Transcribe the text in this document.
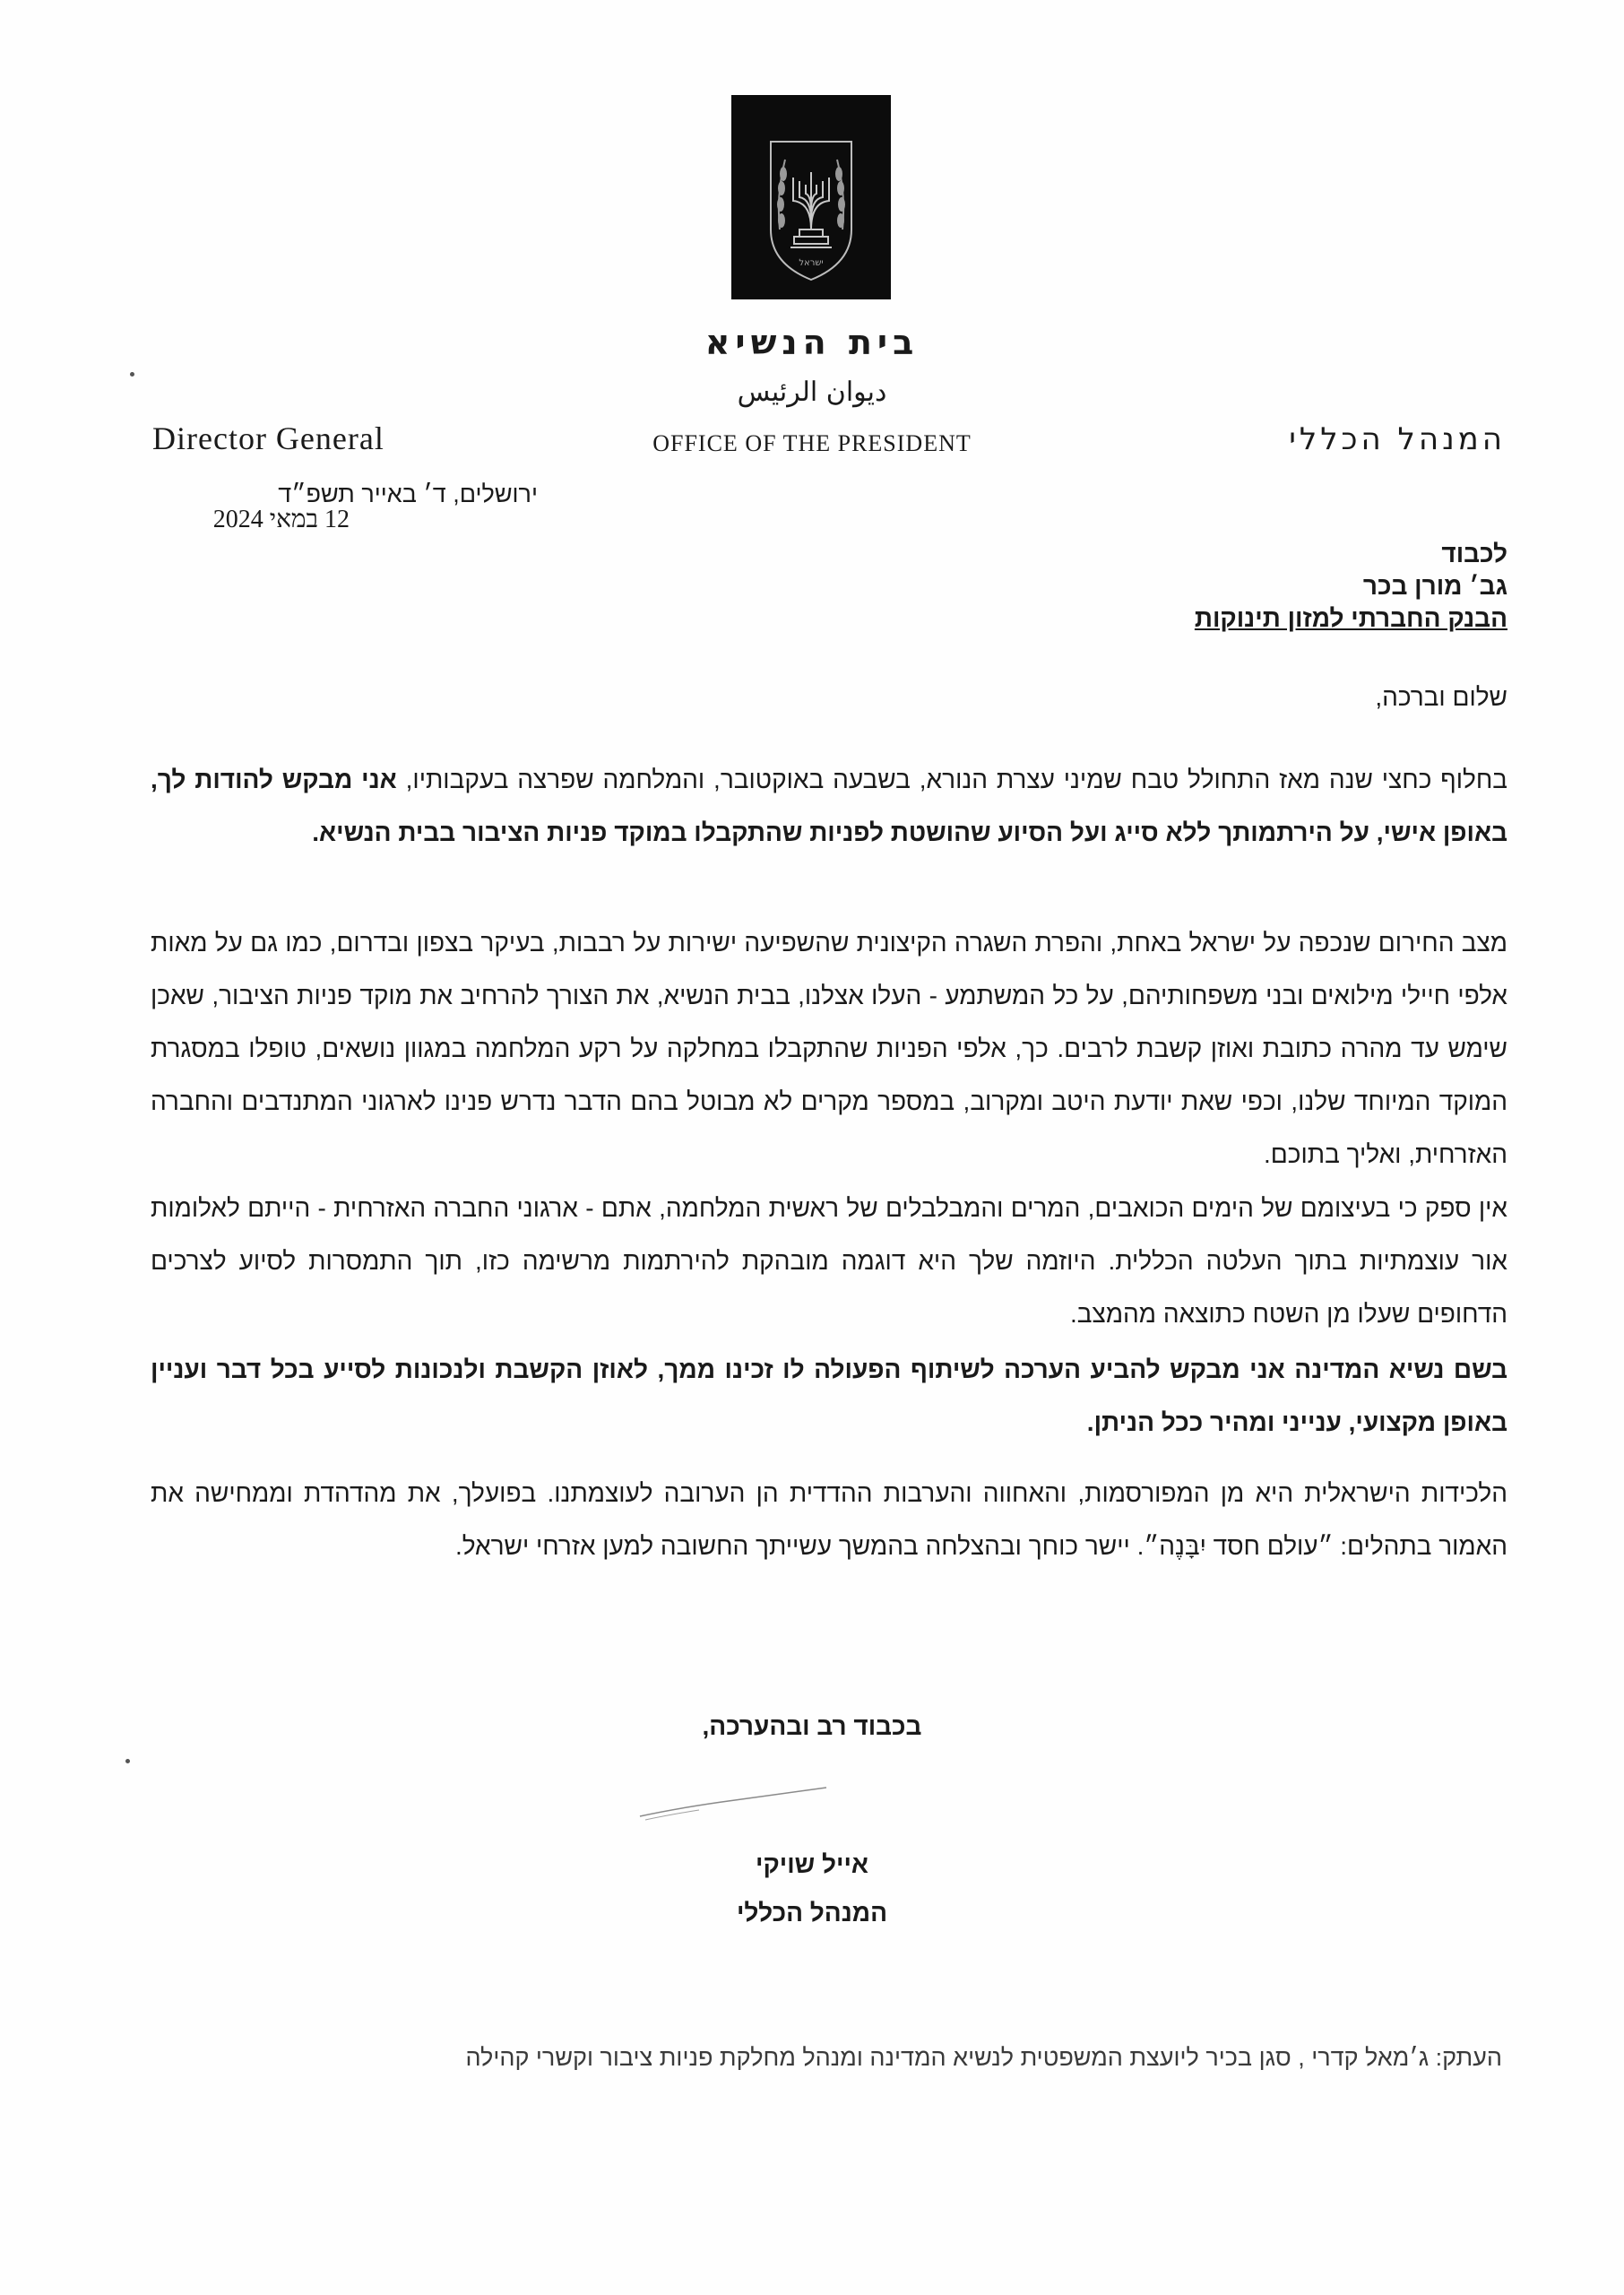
ישראל
בית הנשיא
ديوان الرئيس
OFFICE OF THE PRESIDENT
Director General	המנהל הכללי
ירושלים, ד׳ באייר תשפ״ד
12 במאי 2024
לכבוד
גב׳ מורן בכר
הבנק החברתי למזון תינוקות
שלום וברכה,
בחלוף כחצי שנה מאז התחולל טבח שמיני עצרת הנורא, בשבעה באוקטובר, והמלחמה שפרצה בעקבותיו, אני מבקש להודות לך, באופן אישי, על הירתמותך ללא סייג ועל הסיוע שהושטת לפניות שהתקבלו במוקד פניות הציבור בבית הנשיא.
מצב החירום שנכפה על ישראל באחת, והפרת השגרה הקיצונית שהשפיעה ישירות על רבבות, בעיקר בצפון ובדרום, כמו גם על מאות אלפי חיילי מילואים ובני משפחותיהם, על כל המשתמע - העלו אצלנו, בבית הנשיא, את הצורך להרחיב את מוקד פניות הציבור, שאכן שימש עד מהרה כתובת ואוזן קשבת לרבים. כך, אלפי הפניות שהתקבלו במחלקה על רקע המלחמה במגוון נושאים, טופלו במסגרת המוקד המיוחד שלנו, וכפי שאת יודעת היטב ומקרוב, במספר מקרים לא מבוטל בהם הדבר נדרש פנינו לארגוני המתנדבים והחברה האזרחית, ואליך בתוכם.
אין ספק כי בעיצומם של הימים הכואבים, המרים והמבלבלים של ראשית המלחמה, אתם - ארגוני החברה האזרחית - הייתם לאלומות אור עוצמתיות בתוך העלטה הכללית. היוזמה שלך היא דוגמה מובהקת להירתמות מרשימה כזו, תוך התמסרות לסיוע לצרכים הדחופים שעלו מן השטח כתוצאה מהמצב.
בשם נשיא המדינה אני מבקש להביע הערכה לשיתוף הפעולה לו זכינו ממך, לאוזן הקשבת ולנכונות לסייע בכל דבר ועניין באופן מקצועי, ענייני ומהיר ככל הניתן.
הלכידות הישראלית היא מן המפורסמות, והאחווה והערבות ההדדית הן הערובה לעוצמתנו. בפועלך, את מהדהדת וממחישה את האמור בתהלים: ״עולם חסד יִבָּנֶה״. יישר כוחך ובהצלחה בהמשך עשייתך החשובה למען אזרחי ישראל.
בכבוד רב ובהערכה,
אייל שויקי
המנהל הכללי
העתק: ג׳מאל קדרי , סגן בכיר ליועצת המשפטית לנשיא המדינה ומנהל מחלקת פניות ציבור וקשרי קהילה
